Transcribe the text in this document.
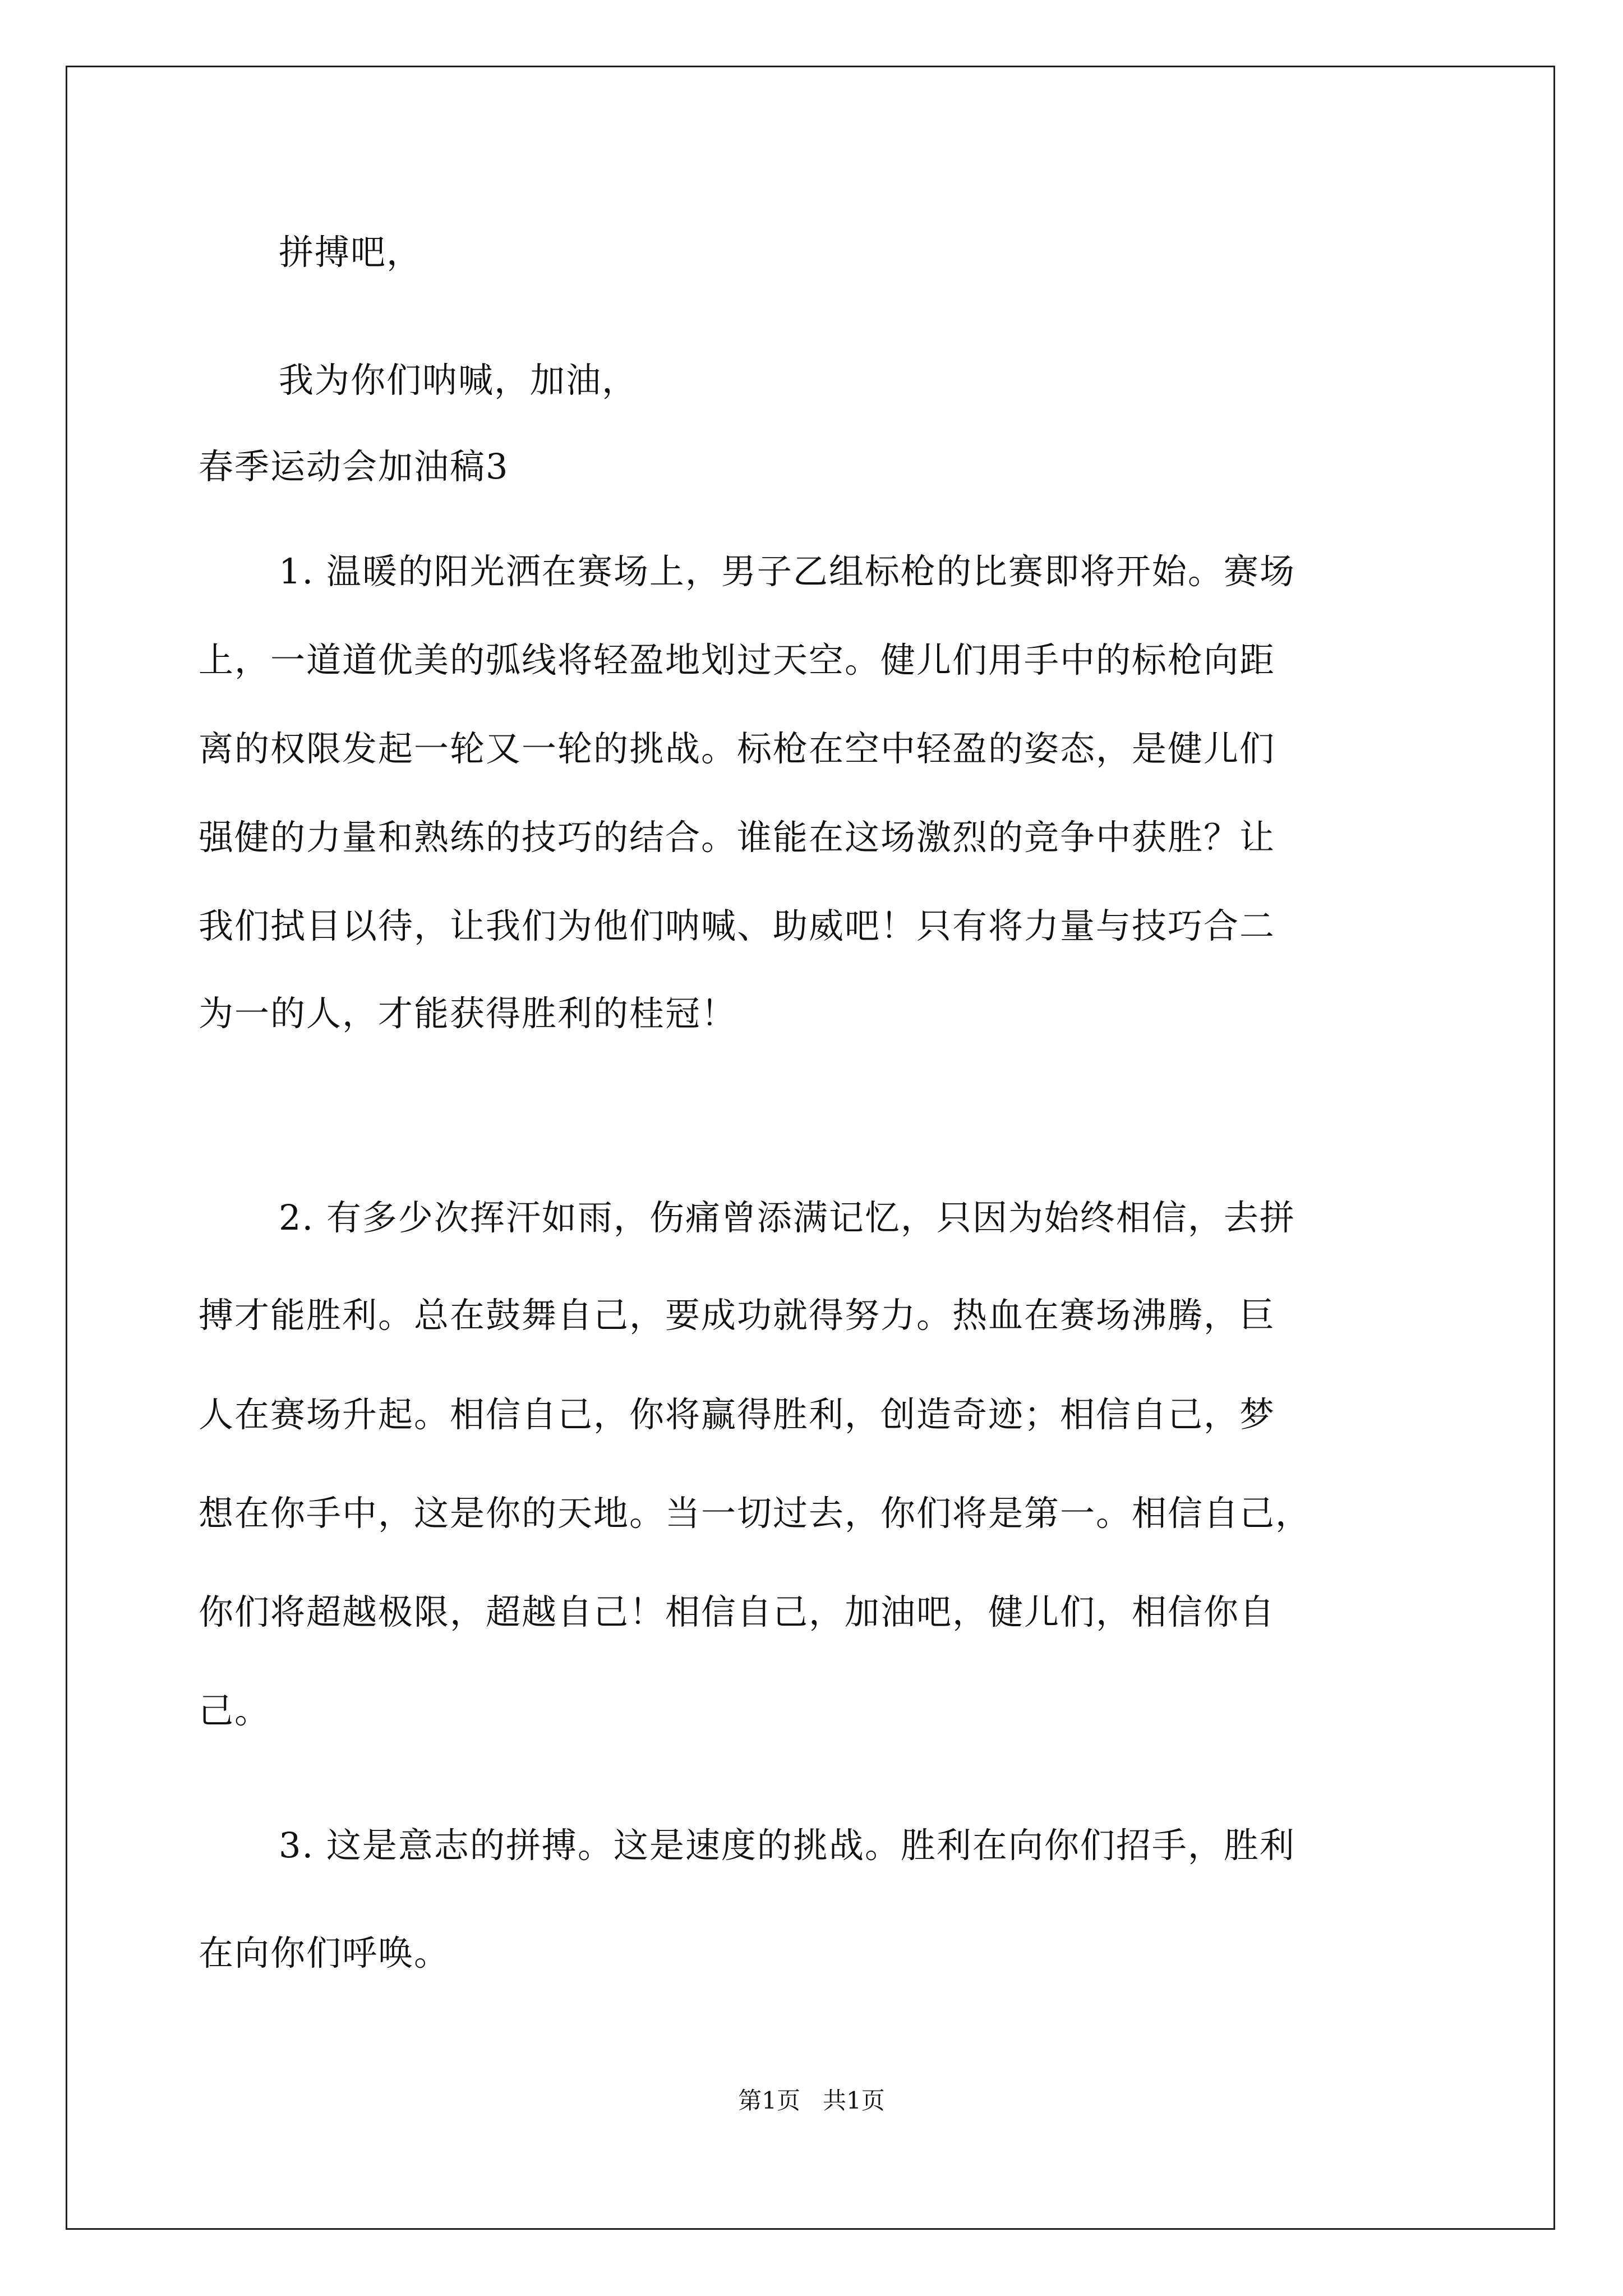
拼搏吧，
我为你们呐喊，加油，
春季运动会加油稿3
1. 温暖的阳光洒在赛场上，男子乙组标枪的比赛即将开始。赛场
上，一道道优美的弧线将轻盈地划过天空。健儿们用手中的标枪向距
离的权限发起一轮又一轮的挑战。标枪在空中轻盈的姿态，是健儿们
强健的力量和熟练的技巧的结合。谁能在这场激烈的竞争中获胜？让
我们拭目以待，让我们为他们呐喊、助威吧！只有将力量与技巧合二
为一的人，才能获得胜利的桂冠！
2. 有多少次挥汗如雨，伤痛曾添满记忆，只因为始终相信，去拼
搏才能胜利。总在鼓舞自己，要成功就得努力。热血在赛场沸腾，巨
人在赛场升起。相信自己，你将赢得胜利，创造奇迹；相信自己，梦
想在你手中，这是你的天地。当一切过去，你们将是第一。相信自己，
你们将超越极限，超越自己！相信自己，加油吧，健儿们，相信你自
己。
3. 这是意志的拼搏。这是速度的挑战。胜利在向你们招手，胜利
在向你们呼唤。
第1页   共1页
